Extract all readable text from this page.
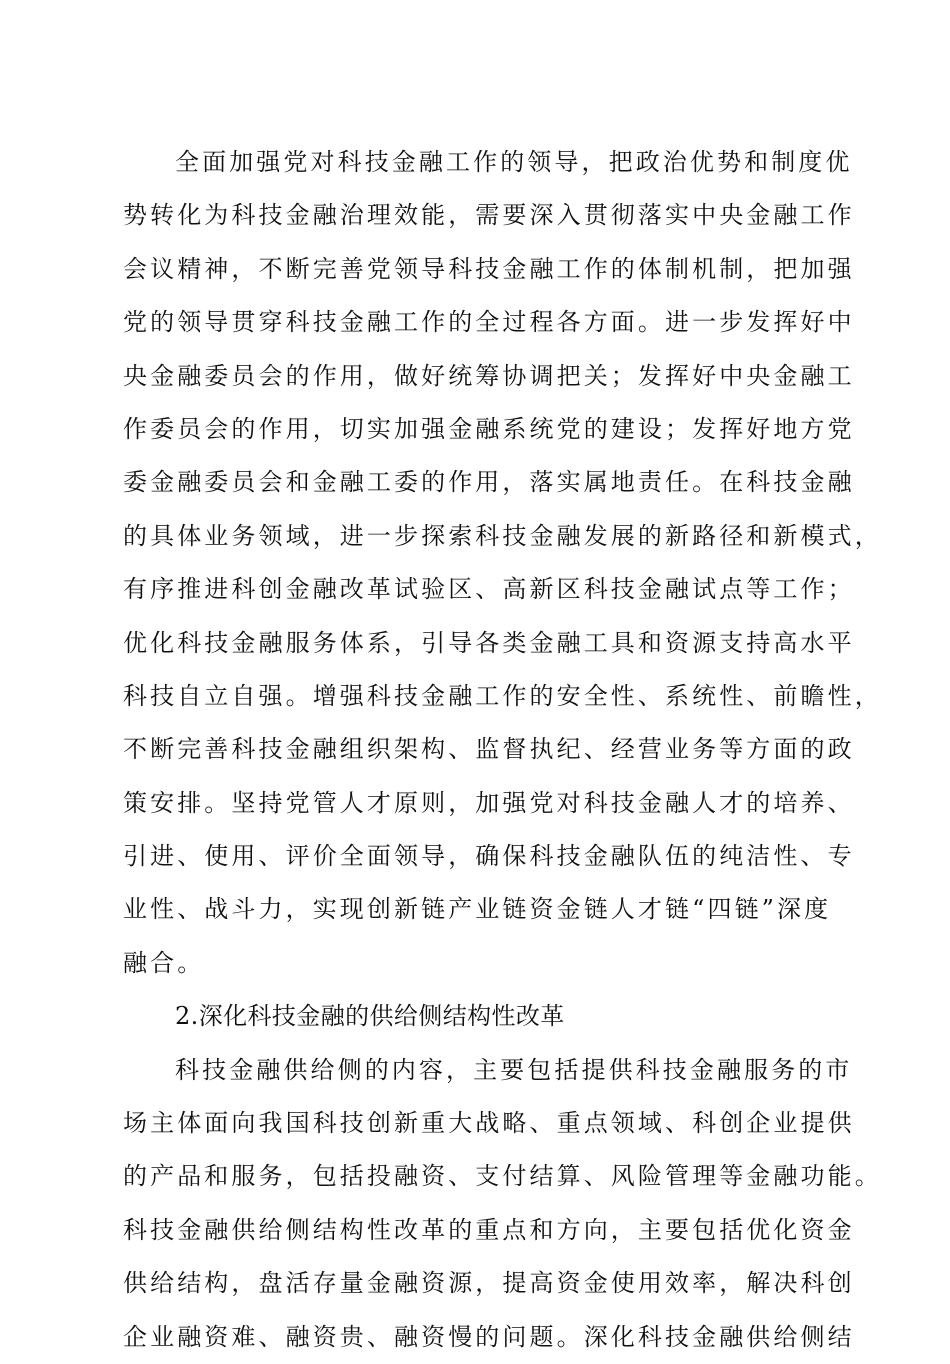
全面加强党对科技金融工作的领导，把政治优势和制度优
势转化为科技金融治理效能，需要深入贯彻落实中央金融工作
会议精神，不断完善党领导科技金融工作的体制机制，把加强
党的领导贯穿科技金融工作的全过程各方面。进一步发挥好中
央金融委员会的作用，做好统筹协调把关；发挥好中央金融工
作委员会的作用，切实加强金融系统党的建设；发挥好地方党
委金融委员会和金融工委的作用，落实属地责任。在科技金融
的具体业务领域，进一步探索科技金融发展的新路径和新模式，
有序推进科创金融改革试验区、高新区科技金融试点等工作；
优化科技金融服务体系，引导各类金融工具和资源支持高水平
科技自立自强。增强科技金融工作的安全性、系统性、前瞻性，
不断完善科技金融组织架构、监督执纪、经营业务等方面的政
策安排。坚持党管人才原则，加强党对科技金融人才的培养、
引进、使用、评价全面领导，确保科技金融队伍的纯洁性、专
业性、战斗力，实现创新链产业链资金链人才链“四链”深度
融合。
2.深化科技金融的供给侧结构性改革
科技金融供给侧的内容，主要包括提供科技金融服务的市
场主体面向我国科技创新重大战略、重点领域、科创企业提供
的产品和服务，包括投融资、支付结算、风险管理等金融功能。
科技金融供给侧结构性改革的重点和方向，主要包括优化资金
供给结构，盘活存量金融资源，提高资金使用效率，解决科创
企业融资难、融资贵、融资慢的问题。深化科技金融供给侧结
